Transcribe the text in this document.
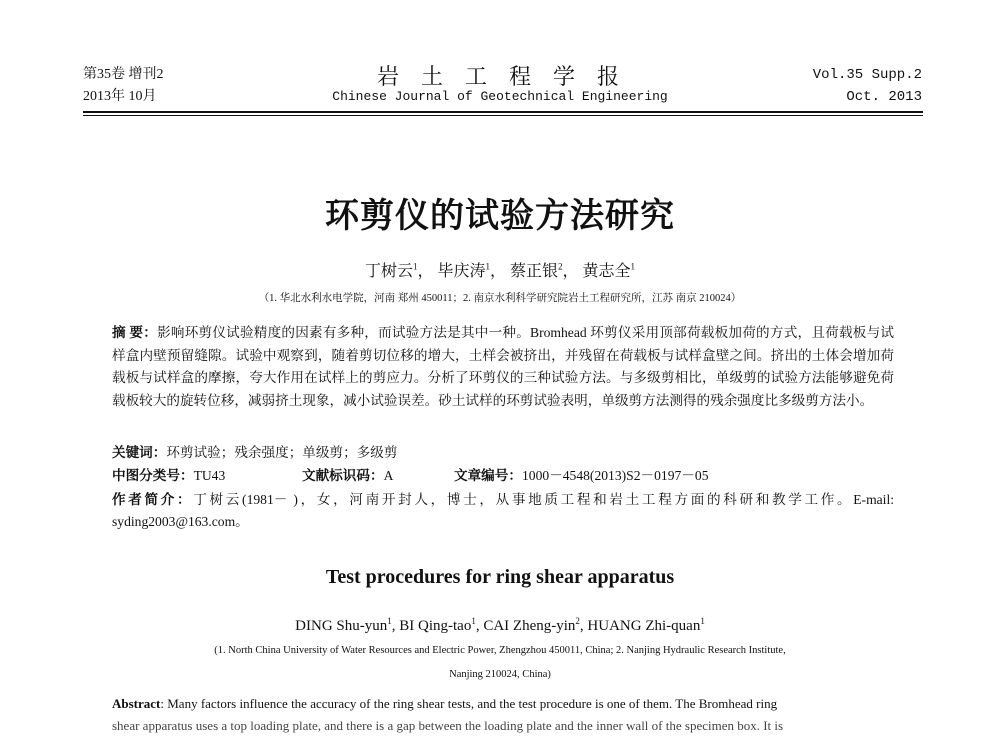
第35卷 增刊2
2013年 10月
岩土工程学报
Chinese Journal of Geotechnical Engineering
Vol.35 Supp.2
Oct. 2013
环剪仪的试验方法研究
丁树云$^1$， 毕庆涛$^1$， 蔡正银$^2$， 黄志全$^1$
（1. 华北水利水电学院，河南 郑州 450011；2. 南京水利科学研究院岩土工程研究所，江苏 南京 210024）
摘 要：影响环剪仪试验精度的因素有多种，而试验方法是其中一种。Bromhead 环剪仪采用顶部荷载板加荷的方式，且荷载板与试样盒内壁预留缝隙。试验中观察到，随着剪切位移的增大，土样会被挤出，并残留在荷载板与试样盒壁之间。挤出的土体会增加荷载板与试样盒的摩擦，夸大作用在试样上的剪应力。分析了环剪仪的三种试验方法。与多级剪相比，单级剪的试验方法能够避免荷载板较大的旋转位移，减弱挤土现象，减小试验误差。砂土试样的环剪试验表明，单级剪方法测得的残余强度比多级剪方法小。
关键词：环剪试验；残余强度；单级剪；多级剪
中图分类号：TU43	文献标识码：A	文章编号：1000－4548(2013)S2－0197－05
作者简介：丁树云(1981－ )，女，河南开封人，博士，从事地质工程和岩土工程方面的科研和教学工作。E-mail: syding2003@163.com。
Test procedures for ring shear apparatus
DING Shu-yun$^1$, BI Qing-tao$^1$, CAI Zheng-yin$^2$, HUANG Zhi-quan$^1$
(1. North China University of Water Resources and Electric Power, Zhengzhou 450011, China; 2. Nanjing Hydraulic Research Institute,
Nanjing 210024, China)
Abstract: Many factors influence the accuracy of the ring shear tests, and the test procedure is one of them. The Bromhead ring
shear apparatus uses a top loading plate, and there is a gap between the loading plate and the inner wall of the specimen box. It is
